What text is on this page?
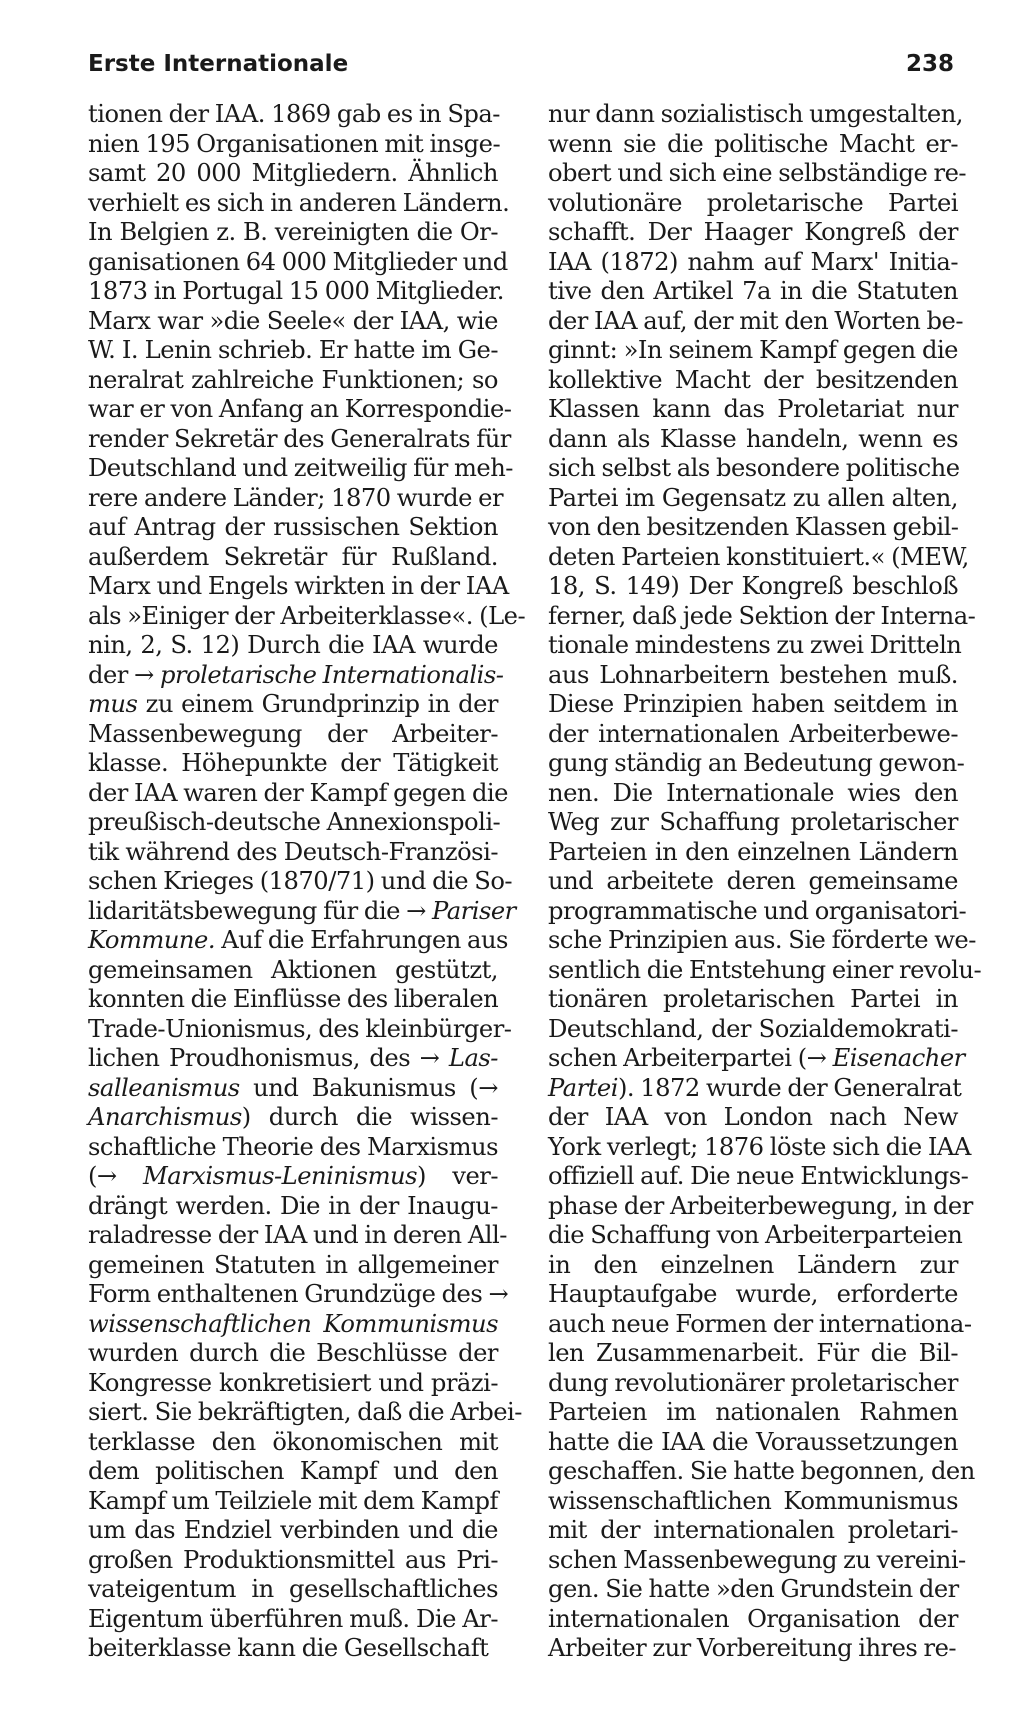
Erste Internationale	238
tionen der IAA. 1869 gab es in Spa-
nien 195 Organisationen mit insge-
samt 20 000 Mitgliedern. Ähnlich
verhielt es sich in anderen Ländern.
In Belgien z. B. vereinigten die Or-
ganisationen 64 000 Mitglieder und
1873 in Portugal 15 000 Mitglieder.
Marx war »die Seele« der IAA, wie
W. I. Lenin schrieb. Er hatte im Ge-
neralrat zahlreiche Funktionen; so
war er von Anfang an Korrespondie-
render Sekretär des Generalrats für
Deutschland und zeitweilig für meh-
rere andere Länder; 1870 wurde er
auf Antrag der russischen Sektion
außerdem Sekretär für Rußland.
Marx und Engels wirkten in der IAA
als »Einiger der Arbeiterklasse«. (Le-
nin, 2, S. 12) Durch die IAA wurde
der → proletarische Internationalis-
mus zu einem Grundprinzip in der
Massenbewegung der Arbeiter-
klasse. Höhepunkte der Tätigkeit
der IAA waren der Kampf gegen die
preußisch-deutsche Annexionspoli-
tik während des Deutsch-Französi-
schen Krieges (1870/71) und die So-
lidaritätsbewegung für die → Pariser
Kommune. Auf die Erfahrungen aus
gemeinsamen Aktionen gestützt,
konnten die Einflüsse des liberalen
Trade-Unionismus, des kleinbürger-
lichen Proudhonismus, des → Las-
salleanismus und Bakunismus (→
Anarchismus) durch die wissen-
schaftliche Theorie des Marxismus
(→ Marxismus-Leninismus) ver-
drängt werden. Die in der Inaugu-
raladresse der IAA und in deren All-
gemeinen Statuten in allgemeiner
Form enthaltenen Grundzüge des →
wissenschaftlichen Kommunismus
wurden durch die Beschlüsse der
Kongresse konkretisiert und präzi-
siert. Sie bekräftigten, daß die Arbei-
terklasse den ökonomischen mit
dem politischen Kampf und den
Kampf um Teilziele mit dem Kampf
um das Endziel verbinden und die
großen Produktionsmittel aus Pri-
vateigentum in gesellschaftliches
Eigentum überführen muß. Die Ar-
beiterklasse kann die Gesellschaft
nur dann sozialistisch umgestalten,
wenn sie die politische Macht er-
obert und sich eine selbständige re-
volutionäre proletarische Partei
schafft. Der Haager Kongreß der
IAA (1872) nahm auf Marx' Initia-
tive den Artikel 7a in die Statuten
der IAA auf, der mit den Worten be-
ginnt: »In seinem Kampf gegen die
kollektive Macht der besitzenden
Klassen kann das Proletariat nur
dann als Klasse handeln, wenn es
sich selbst als besondere politische
Partei im Gegensatz zu allen alten,
von den besitzenden Klassen gebil-
deten Parteien konstituiert.« (MEW,
18, S. 149) Der Kongreß beschloß
ferner, daß jede Sektion der Interna-
tionale mindestens zu zwei Dritteln
aus Lohnarbeitern bestehen muß.
Diese Prinzipien haben seitdem in
der internationalen Arbeiterbewe-
gung ständig an Bedeutung gewon-
nen. Die Internationale wies den
Weg zur Schaffung proletarischer
Parteien in den einzelnen Ländern
und arbeitete deren gemeinsame
programmatische und organisatori-
sche Prinzipien aus. Sie förderte we-
sentlich die Entstehung einer revolu-
tionären proletarischen Partei in
Deutschland, der Sozialdemokrati-
schen Arbeiterpartei (→ Eisenacher
Partei). 1872 wurde der Generalrat
der IAA von London nach New
York verlegt; 1876 löste sich die IAA
offiziell auf. Die neue Entwicklungs-
phase der Arbeiterbewegung, in der
die Schaffung von Arbeiterparteien
in den einzelnen Ländern zur
Hauptaufgabe wurde, erforderte
auch neue Formen der internationa-
len Zusammenarbeit. Für die Bil-
dung revolutionärer proletarischer
Parteien im nationalen Rahmen
hatte die IAA die Voraussetzungen
geschaffen. Sie hatte begonnen, den
wissenschaftlichen Kommunismus
mit der internationalen proletari-
schen Massenbewegung zu vereini-
gen. Sie hatte »den Grundstein der
internationalen Organisation der
Arbeiter zur Vorbereitung ihres re-
